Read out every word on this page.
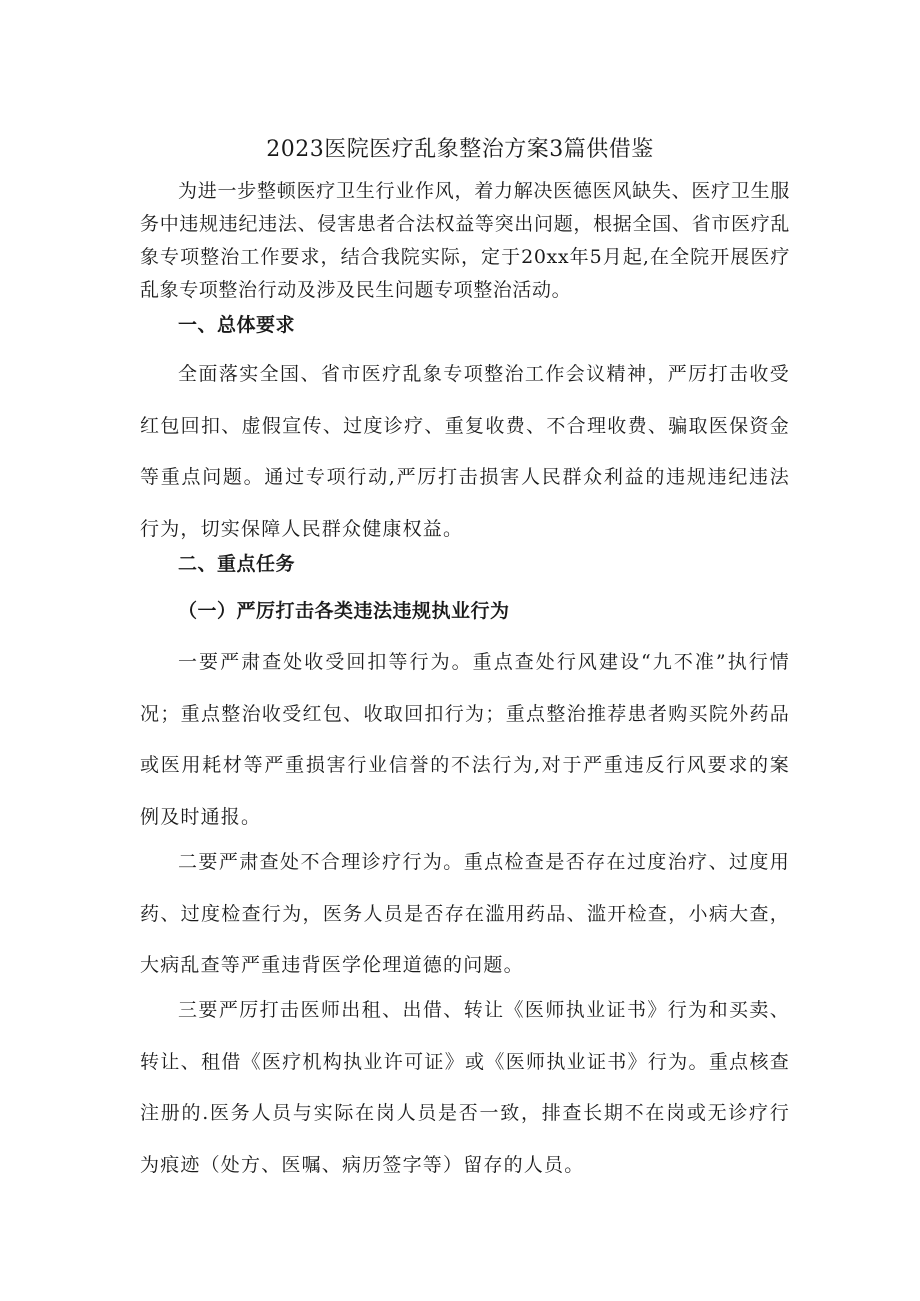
2023医院医疗乱象整治方案3篇供借鉴

为进一步整顿医疗卫生行业作风，着力解决医德医风缺失、医疗卫生服务中违规违纪违法、侵害患者合法权益等突出问题，根据全国、省市医疗乱象专项整治工作要求，结合我院实际，定于20xx年5月起,在全院开展医疗乱象专项整治行动及涉及民生问题专项整治活动。

一、总体要求

全面落实全国、省市医疗乱象专项整治工作会议精神，严厉打击收受红包回扣、虚假宣传、过度诊疗、重复收费、不合理收费、骗取医保资金等重点问题。通过专项行动,严厉打击损害人民群众利益的违规违纪违法行为，切实保障人民群众健康权益。

二、重点任务
（一）严厉打击各类违法违规执业行为

一要严肃查处收受回扣等行为。重点查处行风建设“九不准”执行情况；重点整治收受红包、收取回扣行为；重点整治推荐患者购买院外药品或医用耗材等严重损害行业信誉的不法行为,对于严重违反行风要求的案例及时通报。

二要严肃查处不合理诊疗行为。重点检查是否存在过度治疗、过度用药、过度检查行为，医务人员是否存在滥用药品、滥开检查，小病大查，大病乱查等严重违背医学伦理道德的问题。

三要严厉打击医师出租、出借、转让《医师执业证书》行为和买卖、转让、租借《医疗机构执业许可证》或《医师执业证书》行为。重点核查注册的.医务人员与实际在岗人员是否一致，排查长期不在岗或无诊疗行为痕迹（处方、医嘱、病历签字等）留存的人员。
